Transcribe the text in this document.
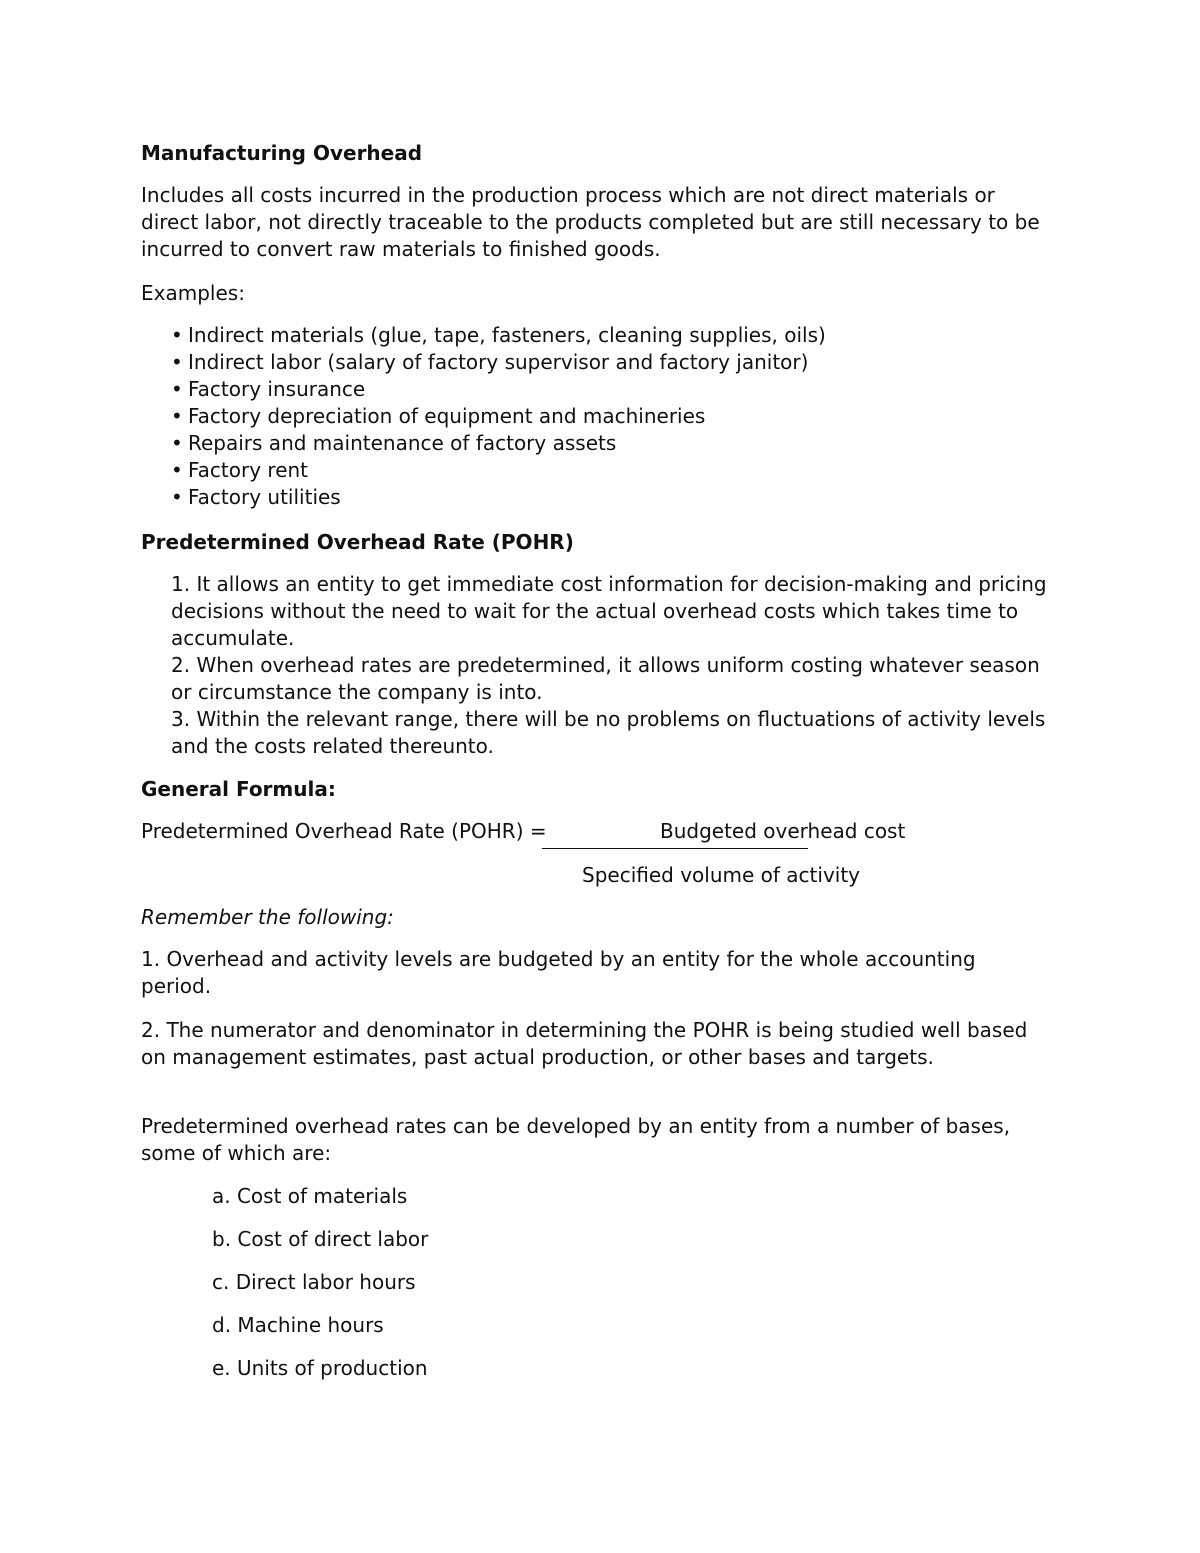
Manufacturing Overhead

Includes all costs incurred in the production process which are not direct materials or direct labor, not directly traceable to the products completed but are still necessary to be incurred to convert raw materials to finished goods.

Examples:

• Indirect materials (glue, tape, fasteners, cleaning supplies, oils)
• Indirect labor (salary of factory supervisor and factory janitor)
• Factory insurance
• Factory depreciation of equipment and machineries
• Repairs and maintenance of factory assets
• Factory rent
• Factory utilities

Predetermined Overhead Rate (POHR)

1. It allows an entity to get immediate cost information for decision-making and pricing decisions without the need to wait for the actual overhead costs which takes time to accumulate.
2. When overhead rates are predetermined, it allows uniform costing whatever season or circumstance the company is into.
3. Within the relevant range, there will be no problems on fluctuations of activity levels and the costs related thereunto.

General Formula:

Predetermined Overhead Rate (POHR) =	Budgeted overhead cost
Specified volume of activity

Remember the following:

1. Overhead and activity levels are budgeted by an entity for the whole accounting period.

2. The numerator and denominator in determining the POHR is being studied well based on management estimates, past actual production, or other bases and targets.

Predetermined overhead rates can be developed by an entity from a number of bases, some of which are:

a. Cost of materials
b. Cost of direct labor
c. Direct labor hours
d. Machine hours
e. Units of production
